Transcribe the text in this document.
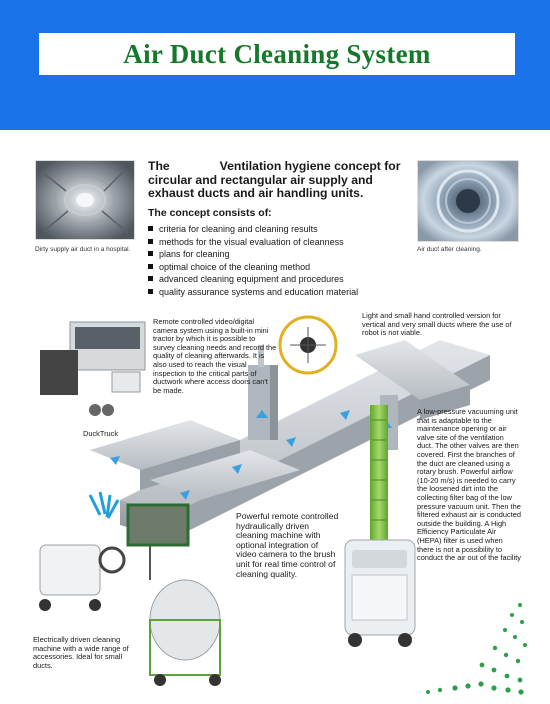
Air Duct Cleaning System
Dirty supply air duct in a hospital.	Air duct after cleaning.
The	Ventilation hygiene concept for circular and rectangular air supply and exhaust ducts and air handling units.
The concept consists of:
criteria for cleaning and cleaning results
methods for the visual evaluation of cleanness
plans for cleaning
optimal choice of the cleaning method
advanced cleaning equipment and procedures
quality assurance systems and education material
Remote controlled video/digital camera system using a built-in mini tractor by which it is possible to survey cleaning needs and record the quality of cleaning afterwards. It is also used to reach the visual inspection to the critical parts of ductwork where access doors can't be made.
DuckTruck
Light and small hand controlled version for vertical and very small ducts where the use of robot is not viable.
A low-pressure vacuuming unit that is adaptable to the maintenance opening or air valve site of the ventilation duct. The other valves are then covered. First the branches of the duct are cleaned using a rotary brush. Powerful airflow (10-20 m/s) is needed to carry the loosened dirt into the collecting filter bag of the low pressure vacuum unit. Then the filtered exhaust air is conducted outside the building. A High Efficiency Particulate Air (HEPA) filter is used when there is not a possibility to conduct the air out of the facility
Powerful remote controlled hydraulically driven cleaning machine with optional integration of video camera to the brush unit for real time control of cleaning quality.
Electrically driven cleaning machine with a wide range of accessories. Ideal for small ducts.
